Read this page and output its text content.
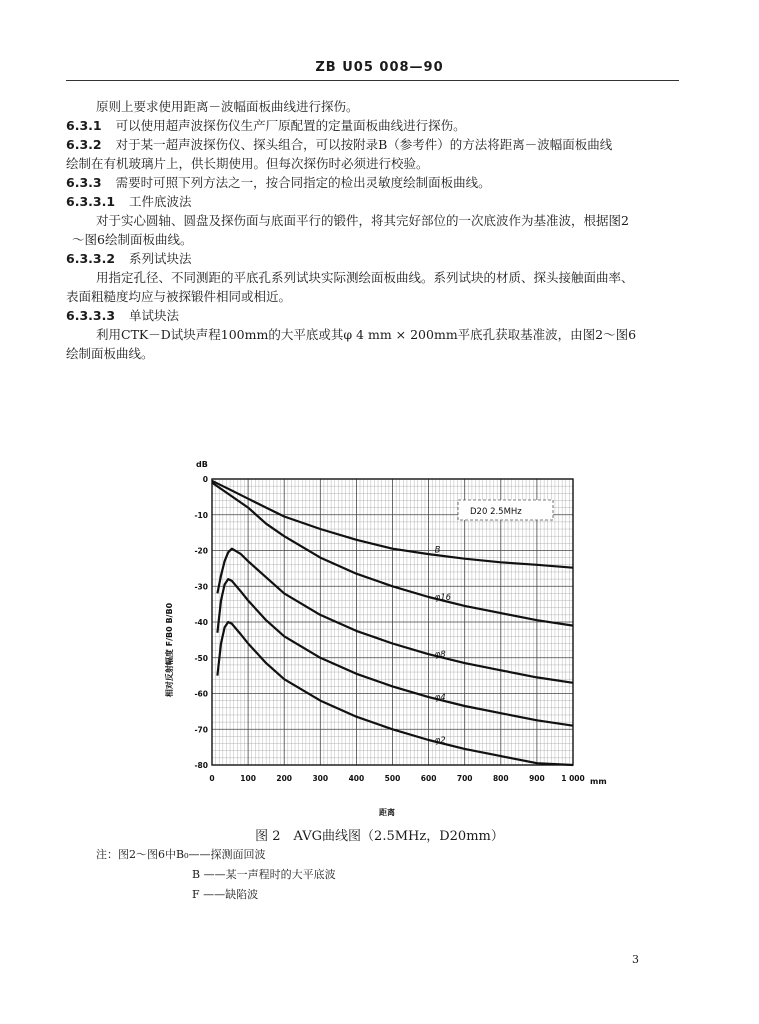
ZB U05 008—90
原则上要求使用距离－波幅面板曲线进行探伤。
6.3.1 可以使用超声波探伤仪生产厂原配置的定量面板曲线进行探伤。
6.3.2 对于某一超声波探伤仪、探头组合，可以按附录B（参考件）的方法将距离－波幅面板曲线
绘制在有机玻璃片上，供长期使用。但每次探伤时必须进行校验。
6.3.3 需要时可照下列方法之一，按合同指定的检出灵敏度绘制面板曲线。
6.3.3.1 工件底波法
对于实心圆轴、圆盘及探伤面与底面平行的锻件，将其完好部位的一次底波作为基准波，根据图2
～图6绘制面板曲线。
6.3.3.2 系列试块法
用指定孔径、不同测距的平底孔系列试块实际测绘面板曲线。系列试块的材质、探头接触面曲率、
表面粗糙度均应与被探锻件相同或相近。
6.3.3.3 单试块法
利用CTK－D试块声程100mm的大平底或其φ 4 mm × 200mm平底孔获取基准波，由图2～图6
绘制面板曲线。
0
-10
-20
-30
-40
-50
-60
-70
-80
0	100	200	300	400	500	600	700	800	900 1 000
B
φ16
φ8
φ4
φ2
dB
mm
距离
相对反射幅度 F/B0 B/B0
D20 2.5MHz
图 2　AVG曲线图（2.5MHz，D20mm）
注：图2～图6中B₀——探测面回波
B ——某一声程时的大平底波
F ——缺陷波
3
